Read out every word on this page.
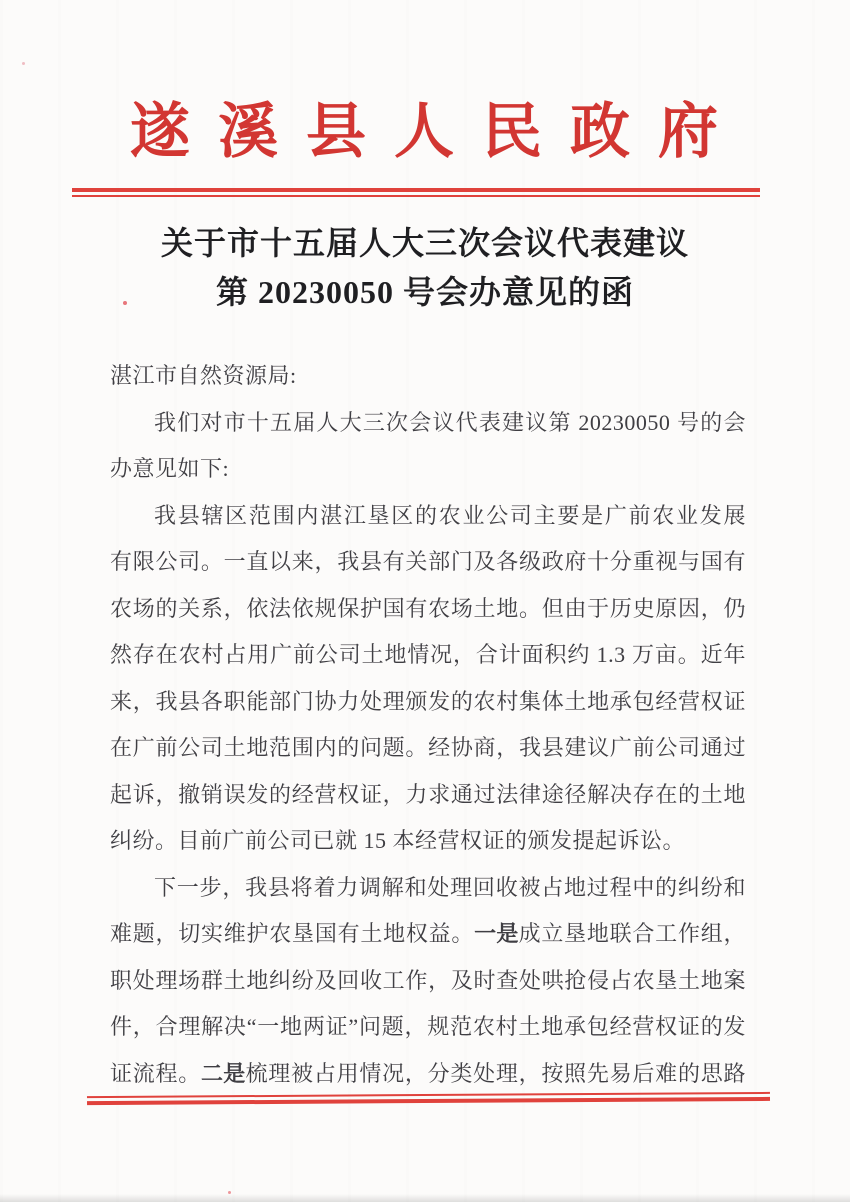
遂溪县人民政府
关于市十五届人大三次会议代表建议
第 20230050 号会办意见的函
湛江市自然资源局:
我们对市十五届人大三次会议代表建议第 20230050 号的会
办意见如下:
我县辖区范围内湛江垦区的农业公司主要是广前农业发展
有限公司。一直以来，我县有关部门及各级政府十分重视与国有
农场的关系，依法依规保护国有农场土地。但由于历史原因，仍
然存在农村占用广前公司土地情况，合计面积约 1.3 万亩。近年
来，我县各职能部门协力处理颁发的农村集体土地承包经营权证
在广前公司土地范围内的问题。经协商，我县建议广前公司通过
起诉，撤销误发的经营权证，力求通过法律途径解决存在的土地
纠纷。目前广前公司已就 15 本经营权证的颁发提起诉讼。
下一步，我县将着力调解和处理回收被占地过程中的纠纷和
难题，切实维护农垦国有土地权益。一是成立垦地联合工作组，
职处理场群土地纠纷及回收工作，及时查处哄抢侵占农垦土地案
件，合理解决“一地两证”问题，规范农村土地承包经营权证的发
证流程。二是梳理被占用情况，分类处理，按照先易后难的思路
